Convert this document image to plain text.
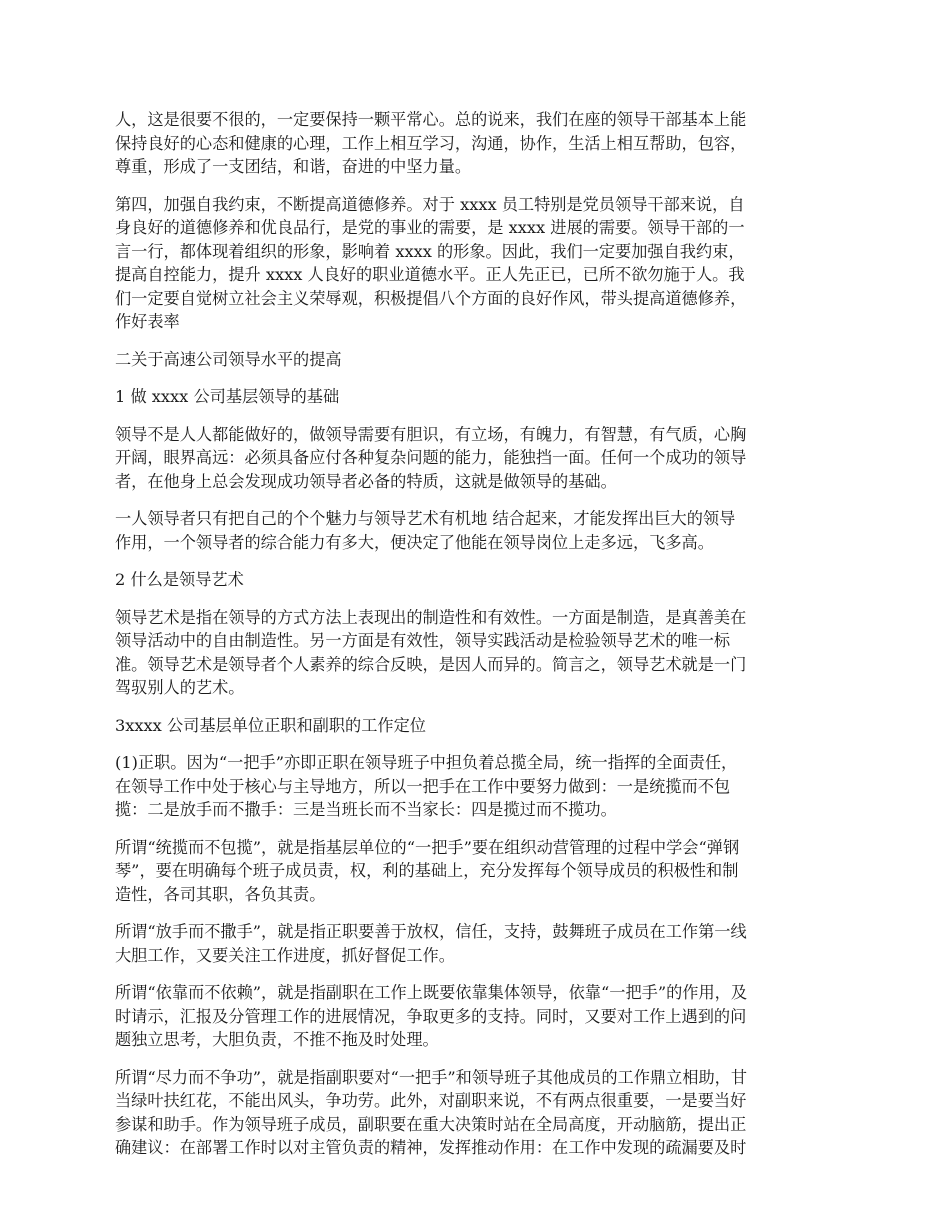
人，这是很要不很的，一定要保持一颗平常心。总的说来，我们在座的领导干部基本上能
保持良好的心态和健康的心理，工作上相互学习，沟通，协作，生活上相互帮助，包容，
尊重，形成了一支团结，和谐，奋进的中坚力量。

第四，加强自我约束，不断提高道德修养。对于 xxxx 员工特别是党员领导干部来说，自
身良好的道德修养和优良品行，是党的事业的需要，是 xxxx 进展的需要。领导干部的一
言一行，都体现着组织的形象，影响着 xxxx 的形象。因此，我们一定要加强自我约束，
提高自控能力，提升 xxxx 人良好的职业道德水平。正人先正已，已所不欲勿施于人。我
们一定要自觉树立社会主义荣辱观，积极提倡八个方面的良好作风，带头提高道德修养，
作好表率

二关于高速公司领导水平的提高

1 做 xxxx 公司基层领导的基础

领导不是人人都能做好的，做领导需要有胆识，有立场，有魄力，有智慧，有气质，心胸
开阔，眼界高远：必须具备应付各种复杂问题的能力，能独挡一面。任何一个成功的领导
者，在他身上总会发现成功领导者必备的特质，这就是做领导的基础。

一人领导者只有把自己的个个魅力与领导艺术有机地 结合起来，才能发挥出巨大的领导
作用，一个领导者的综合能力有多大，便决定了他能在领导岗位上走多远，飞多高。

2 什么是领导艺术

领导艺术是指在领导的方式方法上表现出的制造性和有效性。一方面是制造，是真善美在
领导活动中的自由制造性。另一方面是有效性，领导实践活动是检验领导艺术的唯一标
准。领导艺术是领导者个人素养的综合反映，是因人而异的。简言之，领导艺术就是一门
驾驭别人的艺术。

3xxxx 公司基层单位正职和副职的工作定位

(1)正职。因为“一把手”亦即正职在领导班子中担负着总揽全局，统一指挥的全面责任，
在领导工作中处于核心与主导地方，所以一把手在工作中要努力做到：一是统揽而不包
揽：二是放手而不撒手：三是当班长而不当家长：四是揽过而不揽功。

所谓“统揽而不包揽”，就是指基层单位的“一把手”要在组织动营管理的过程中学会“弹钢
琴”，要在明确每个班子成员责，权，利的基础上，充分发挥每个领导成员的积极性和制
造性，各司其职，各负其责。

所谓“放手而不撒手”，就是指正职要善于放权，信任，支持，鼓舞班子成员在工作第一线
大胆工作，又要关注工作进度，抓好督促工作。

所谓“依靠而不依赖”，就是指副职在工作上既要依靠集体领导，依靠“一把手”的作用，及
时请示，汇报及分管理工作的进展情况，争取更多的支持。同时，又要对工作上遇到的问
题独立思考，大胆负责，不推不拖及时处理。

所谓“尽力而不争功”，就是指副职要对“一把手”和领导班子其他成员的工作鼎立相助，甘
当绿叶扶红花，不能出风头，争功劳。此外，对副职来说，不有两点很重要，一是要当好
参谋和助手。作为领导班子成员，副职要在重大决策时站在全局高度，开动脑筋，提出正
确建议：在部署工作时以对主管负责的精神，发挥推动作用：在工作中发现的疏漏要及时
